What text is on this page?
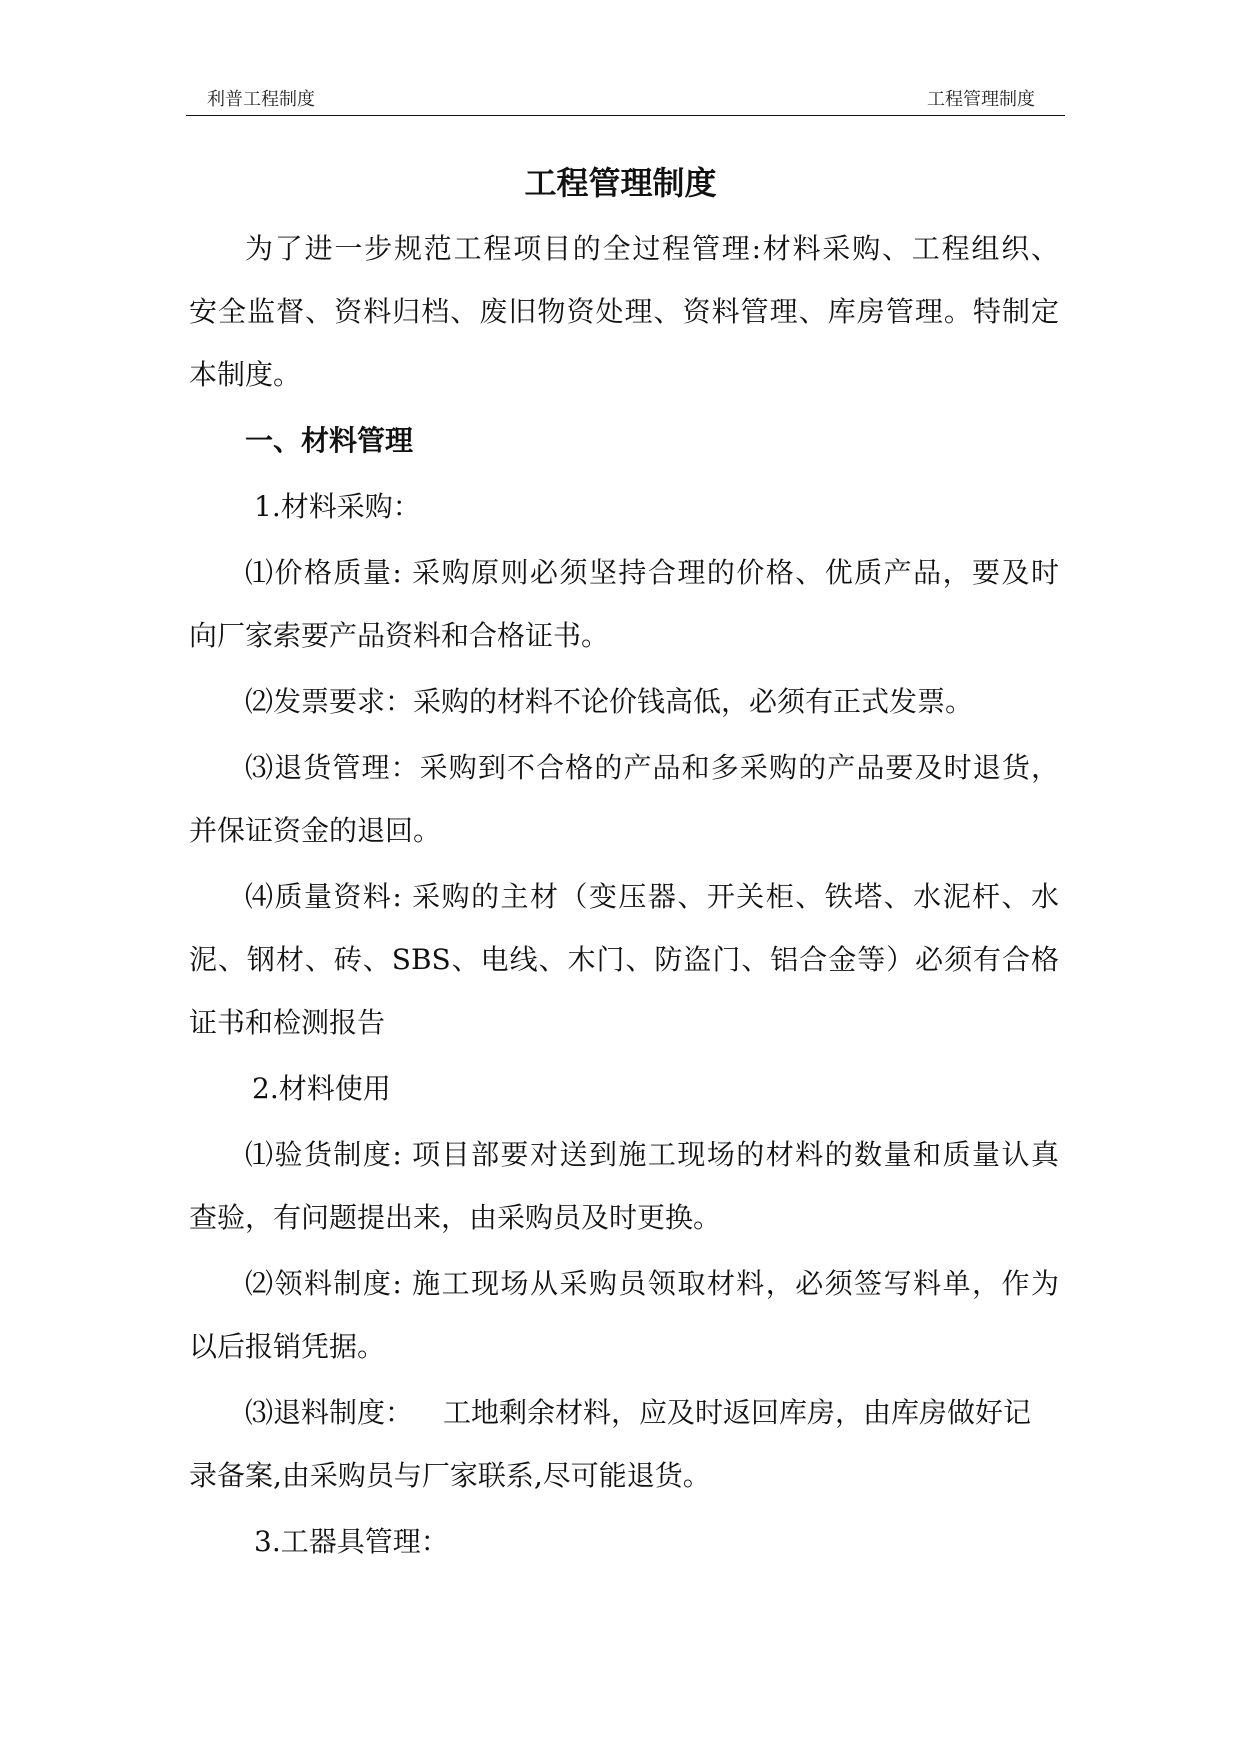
利普工程制度	工程管理制度
工程管理制度
为了进一步规范工程项目的全过程管理:材料采购、工程组织、
安全监督、资料归档、废旧物资处理、资料管理、库房管理。特制定
本制度。
一、材料管理
1.材料采购：
⑴价格质量: 采购原则必须坚持合理的价格、优质产品，要及时
向厂家索要产品资料和合格证书。
⑵发票要求：采购的材料不论价钱高低，必须有正式发票。
⑶退货管理：采购到不合格的产品和多采购的产品要及时退货，
并保证资金的退回。
⑷质量资料: 采购的主材（变压器、开关柜、铁塔、水泥杆、水
泥、钢材、砖、SBS、电线、木门、防盗门、铝合金等）必须有合格
证书和检测报告
2.材料使用
⑴验货制度: 项目部要对送到施工现场的材料的数量和质量认真
查验，有问题提出来，由采购员及时更换。
⑵领料制度: 施工现场从采购员领取材料，必须签写料单，作为
以后报销凭据。
⑶退料制度： 工地剩余材料，应及时返回库房，由库房做好记
录备案,由采购员与厂家联系,尽可能退货。
3.工器具管理：
